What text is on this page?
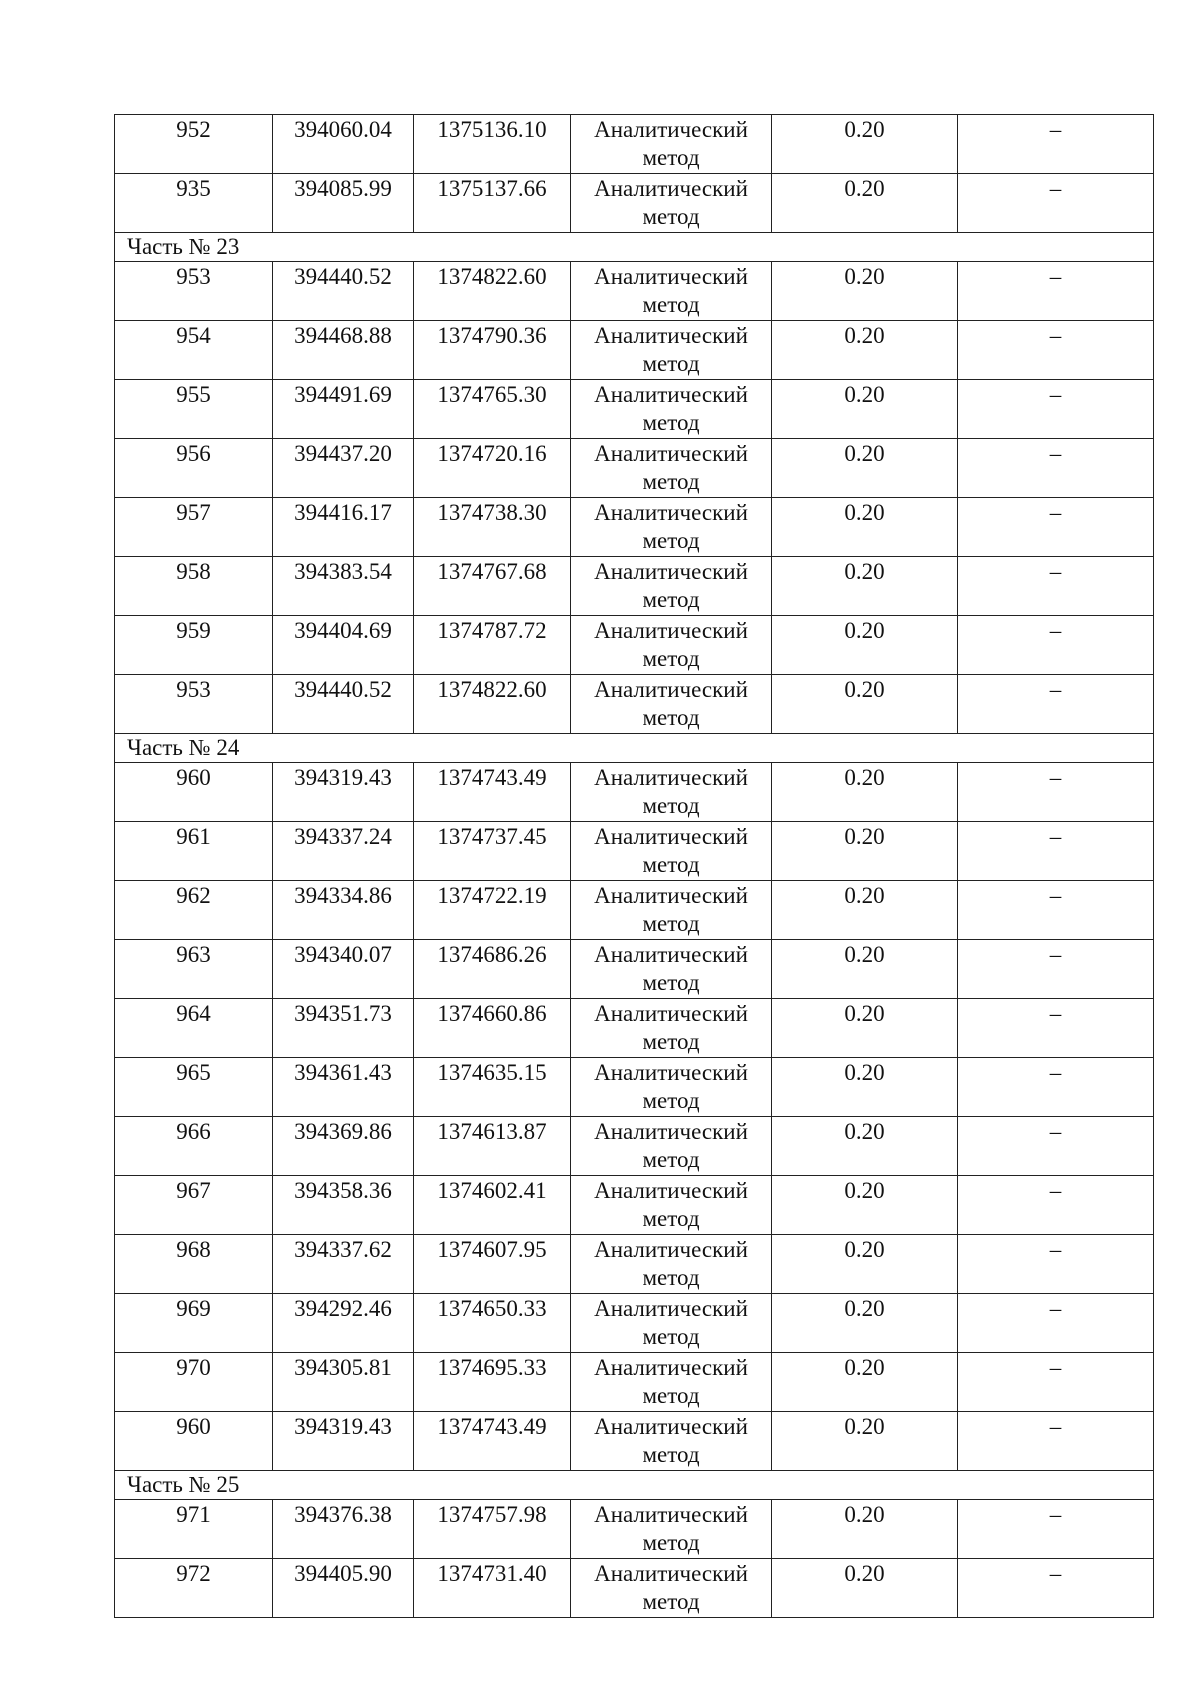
952	394060.04	1375136.10	Аналитический метод	0.20	–
935	394085.99	1375137.66	Аналитический метод	0.20	–
Часть № 23					
953	394440.52	1374822.60	Аналитический метод	0.20	–
954	394468.88	1374790.36	Аналитический метод	0.20	–
955	394491.69	1374765.30	Аналитический метод	0.20	–
956	394437.20	1374720.16	Аналитический метод	0.20	–
957	394416.17	1374738.30	Аналитический метод	0.20	–
958	394383.54	1374767.68	Аналитический метод	0.20	–
959	394404.69	1374787.72	Аналитический метод	0.20	–
953	394440.52	1374822.60	Аналитический метод	0.20	–
Часть № 24					
960	394319.43	1374743.49	Аналитический метод	0.20	–
961	394337.24	1374737.45	Аналитический метод	0.20	–
962	394334.86	1374722.19	Аналитический метод	0.20	–
963	394340.07	1374686.26	Аналитический метод	0.20	–
964	394351.73	1374660.86	Аналитический метод	0.20	–
965	394361.43	1374635.15	Аналитический метод	0.20	–
966	394369.86	1374613.87	Аналитический метод	0.20	–
967	394358.36	1374602.41	Аналитический метод	0.20	–
968	394337.62	1374607.95	Аналитический метод	0.20	–
969	394292.46	1374650.33	Аналитический метод	0.20	–
970	394305.81	1374695.33	Аналитический метод	0.20	–
960	394319.43	1374743.49	Аналитический метод	0.20	–
Часть № 25					
971	394376.38	1374757.98	Аналитический метод	0.20	–
972	394405.90	1374731.40	Аналитический метод	0.20	–
